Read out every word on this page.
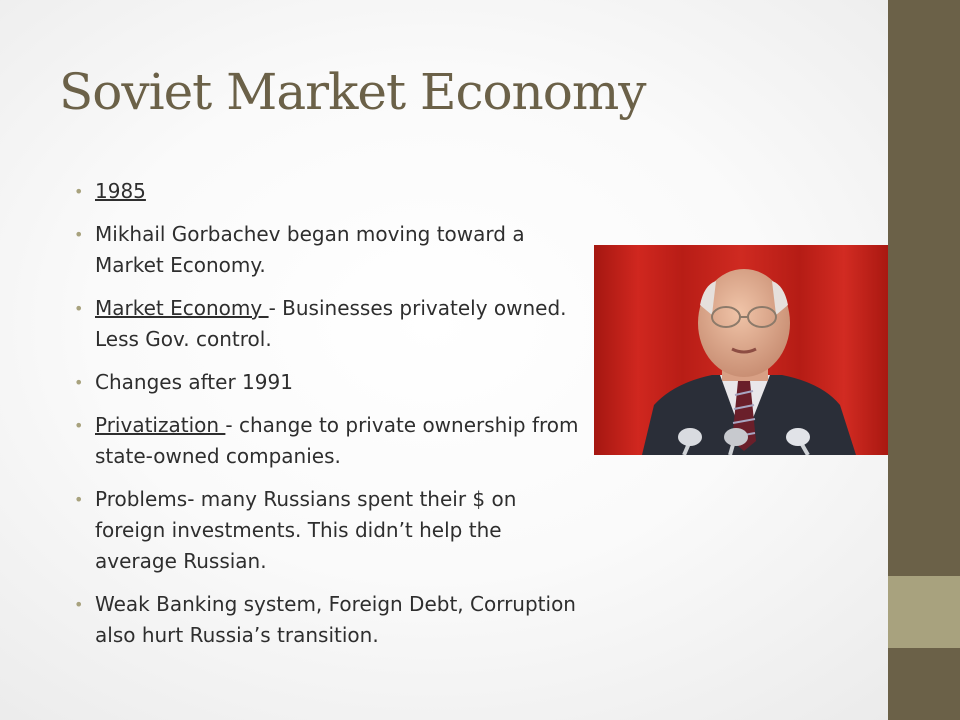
Soviet Market Economy
• 1985
• Mikhail Gorbachev began moving toward a Market Economy.
• Market Economy - Businesses privately owned. Less Gov. control.
• Changes after 1991
• Privatization - change to private ownership from state-owned companies.
• Problems- many Russians spent their $ on foreign investments. This didn’t help the average Russian.
• Weak Banking system, Foreign Debt, Corruption also hurt Russia’s transition.
